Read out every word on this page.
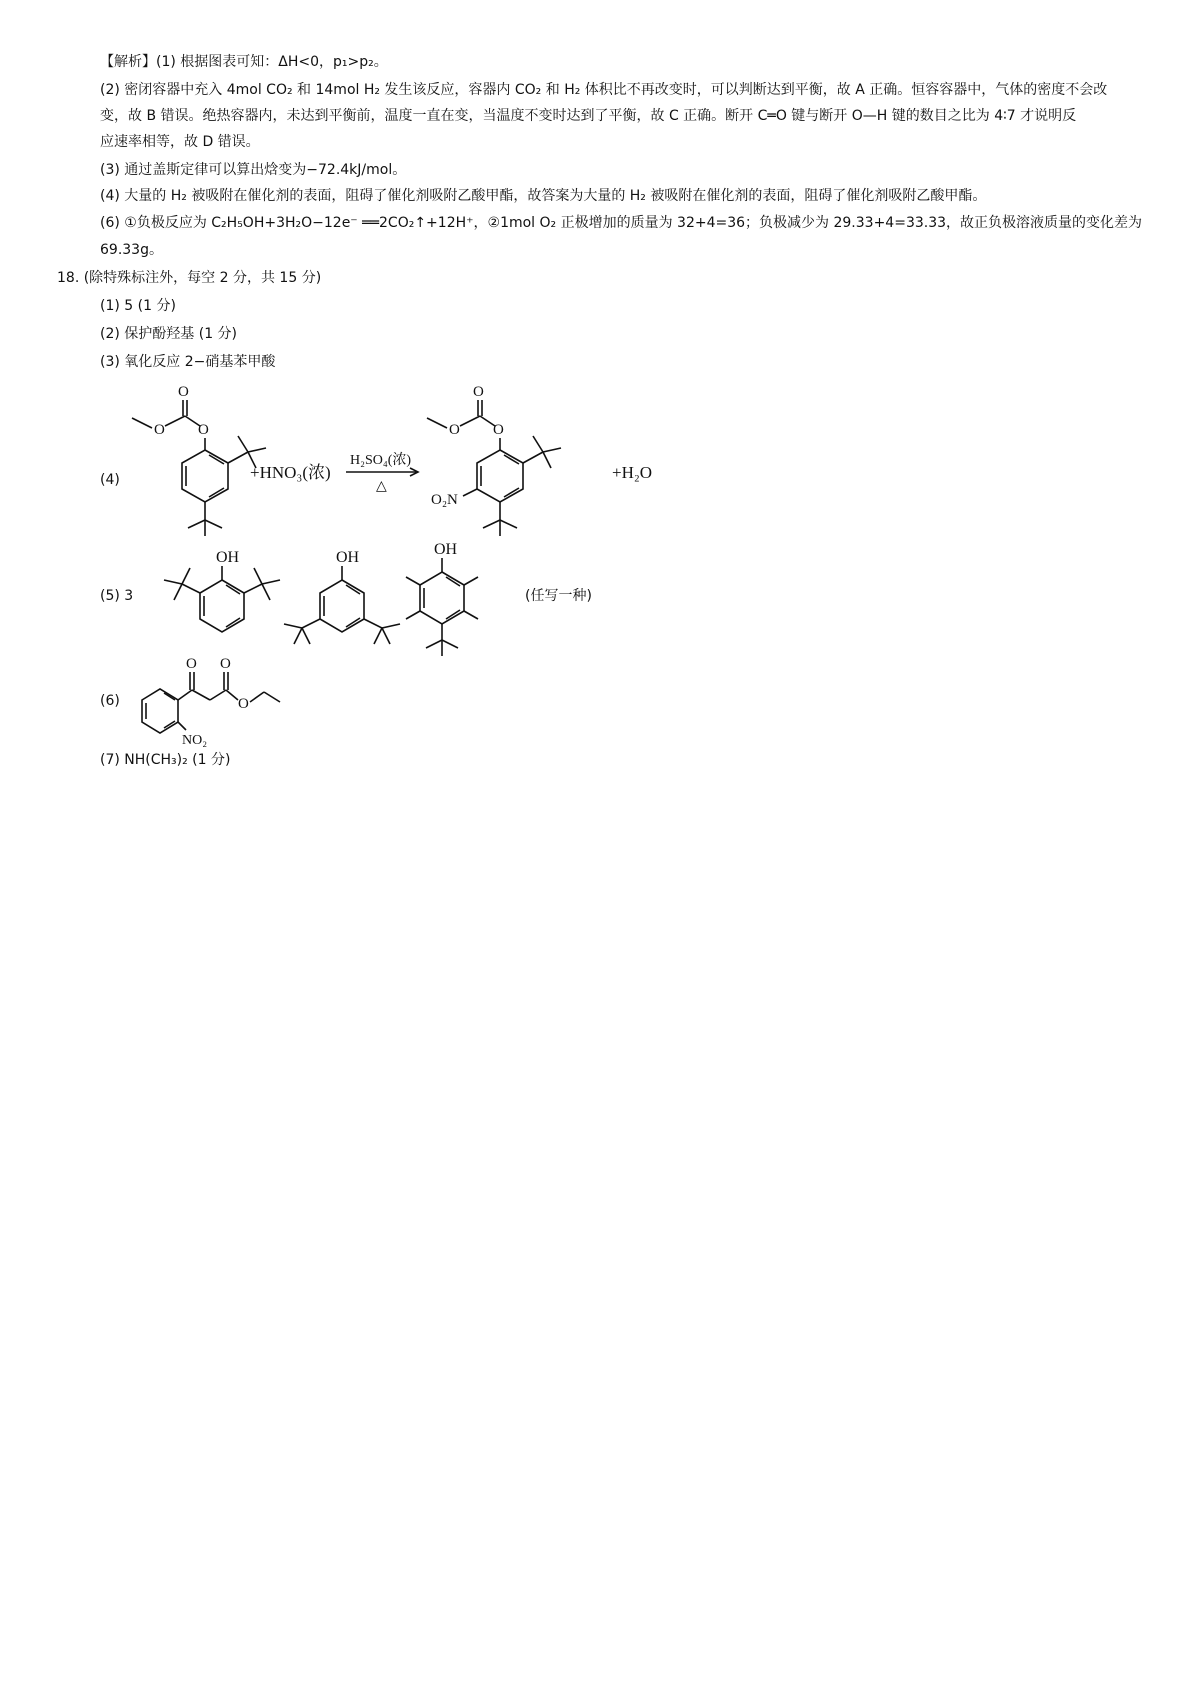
【解析】(1) 根据图表可知：ΔH<0，p₁>p₂。
(2) 密闭容器中充入 4mol CO₂ 和 14mol H₂ 发生该反应，容器内 CO₂ 和 H₂ 体积比不再改变时，可以判断达到平衡，故 A 正确。恒容容器中，气体的密度不会改
变，故 B 错误。绝热容器内，未达到平衡前，温度一直在变，当温度不变时达到了平衡，故 C 正确。断开 C═O 键与断开 O—H 键的数目之比为 4∶7 才说明反
应速率相等，故 D 错误。
(3) 通过盖斯定律可以算出焓变为−72.4kJ/mol。
(4) 大量的 H₂ 被吸附在催化剂的表面，阻碍了催化剂吸附乙酸甲酯，故答案为大量的 H₂ 被吸附在催化剂的表面，阻碍了催化剂吸附乙酸甲酯。
(6) ①负极反应为 C₂H₅OH+3H₂O−12e⁻ ══2CO₂↑+12H⁺，②1mol O₂ 正极增加的质量为 32+4=36；负极减少为 29.33+4=33.33，故正负极溶液质量的变化差为
69.33g。
18. (除特殊标注外，每空 2 分，共 15 分)
(1) 5 (1 分)
(2) 保护酚羟基 (1 分)
(3) 氧化反应 2−硝基苯甲酸
(4)
O
O O
+HNO₃(浓)
H₂SO₄(浓)
△
O
O O
O₂N
+H₂O
(5) 3
OH	OH	OH
(任写一种)
(6)
O O
O
NO₂
(7) NH(CH₃)₂ (1 分)
